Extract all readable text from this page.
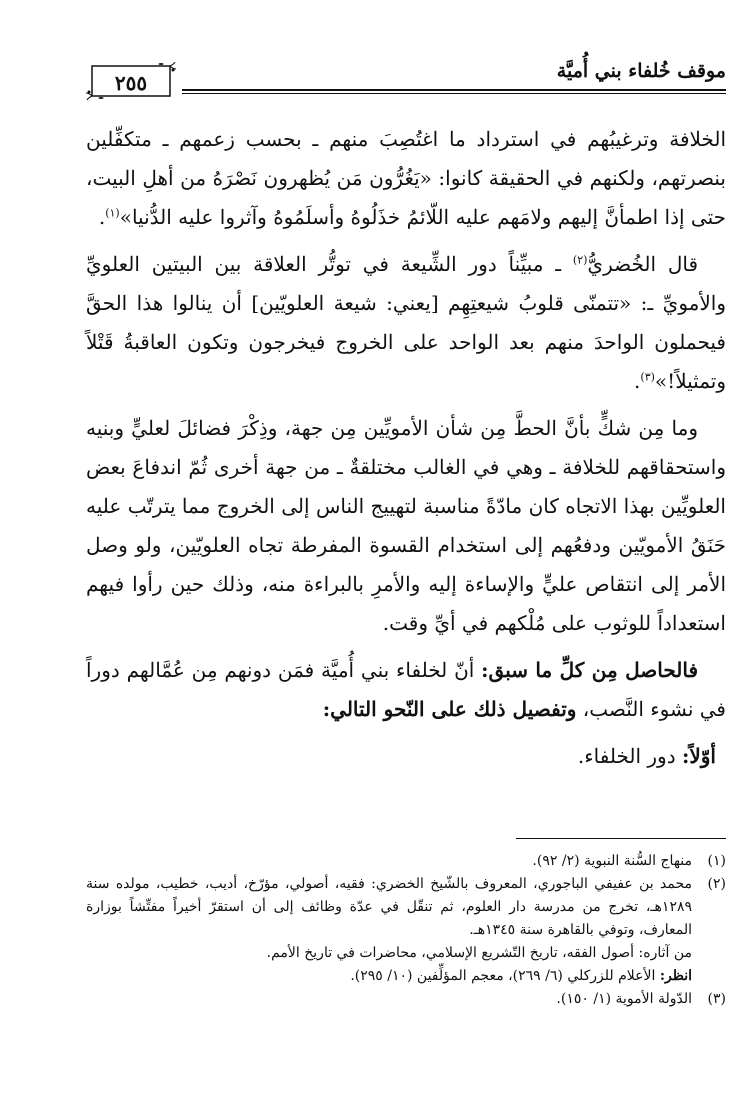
موقف خُلفاء بني أُميَّة
٢٥٥

الخلافة وترغيبُهم في استرداد ما اغتُصِبَ منهم ـ بحسب زعمهم ـ متكفِّلين بنصرتهم، ولكنهم في الحقيقة كانوا: «يَغُرُّون مَن يُظهرون نَصْرَهُ من أهلِ البيت، حتى إذا اطمأنَّ إليهم ولامَهم عليه اللّائمُ خذَلُوهُ وأسلَمُوهُ وآثروا عليه الدُّنيا»$^{(١)}$.

قال الخُضريُّ$^{(٢)}$ ـ مبيِّناً دور الشِّيعة في توتُّر العلاقة بين البيتين العلويِّ والأمويِّ ـ: «تتمنّى قلوبُ شيعتِهِم [يعني: شيعة العلويّين] أن ينالوا هذا الحقَّ فيحملون الواحدَ منهم بعد الواحد على الخروج فيخرجون وتكون العاقبةُ قَتْلاً وتمثيلاً!»$^{(٣)}$.

وما مِن شكٍّ بأنَّ الحطَّ مِن شأن الأمويِّين مِن جهة، وذِكْرَ فضائلَ لعليٍّ وبنيه واستحقاقهم للخلافة ـ وهي في الغالب مختلقةٌ ـ من جهة أخرى ثُمّ اندفاعَ بعض العلويِّين بهذا الاتجاه كان مادّةً مناسبة لتهييج الناس إلى الخروج مما يترتّب عليه حَنَقُ الأمويّين ودفعُهم إلى استخدام القسوة المفرطة تجاه العلويّين، ولو وصل الأمر إلى انتقاص عليٍّ والإساءة إليه والأمرِ بالبراءة منه، وذلك حين رأوا فيهم استعداداً للوثوب على مُلْكهم في أيِّ وقت.

فالحاصل مِن كلِّ ما سبق: أنّ لخلفاء بني أُميَّة فمَن دونهم مِن عُمَّالهم دوراً في نشوء النَّصب، وتفصيل ذلك على النّحو التالي:

أوّلاً: دور الخلفاء.

(١)
منهاج السُّنة النبوية (٢/ ٩٢).
(٢)
محمد بن عفيفي الباجوري، المعروف بالشّيخ الخضري: فقيه، أصولي، مؤرّخ، أديب، خطيب، مولده سنة ١٢٨٩هـ، تخرج من مدرسة دار العلوم، ثم تنقّل في عدّة وظائف إلى أن استقرّ أخيراً مفتِّشاً بوزارة المعارف، وتوفي بالقاهرة سنة ١٣٤٥هـ.
من آثاره: أصول الفقه، تاريخ التّشريع الإسلامي، محاضرات في تاريخ الأمم.
انظر: الأعلام للزركلي (٦/ ٢٦٩)، معجم المؤلِّفين (١٠/ ٢٩٥).
(٣)
الدّولة الأموية (١/ ١٥٠).
